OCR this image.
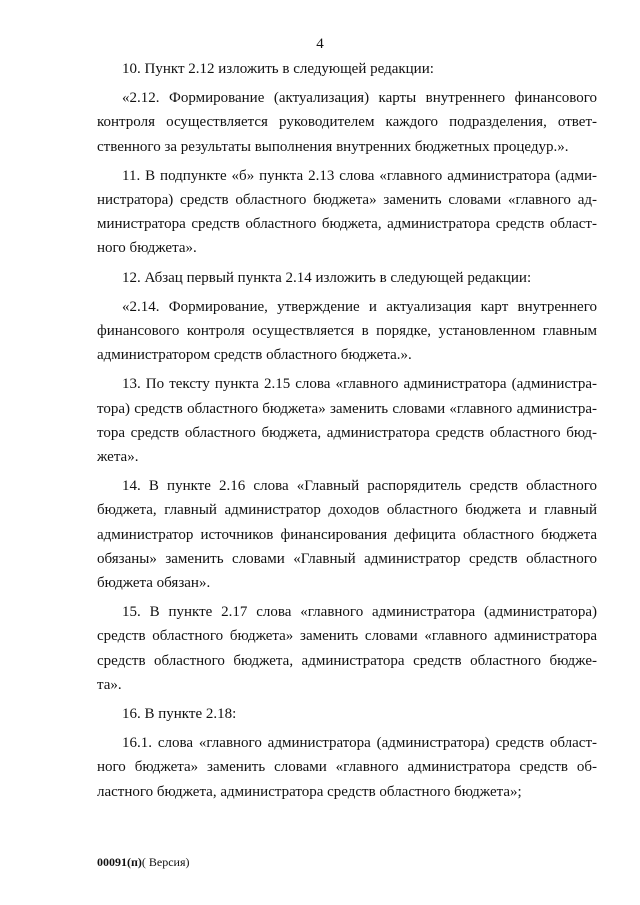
4
10. Пункт 2.12 изложить в следующей редакции:
«2.12. Формирование (актуализация) карты внутреннего финансового
контроля осуществляется руководителем каждого подразделения, ответ-
ственного за результаты выполнения внутренних бюджетных процедур.».
11. В подпункте «б» пункта 2.13 слова «главного администратора (адми-
нистратора) средств областного бюджета» заменить словами «главного ад-
министратора средств областного бюджета, администратора средств област-
ного бюджета».
12. Абзац первый пункта 2.14 изложить в следующей редакции:
«2.14. Формирование, утверждение и актуализация карт внутреннего
финансового контроля осуществляется в порядке, установленном главным
администратором средств областного бюджета.».
13. По тексту пункта 2.15 слова «главного администратора (администра-
тора) средств областного бюджета» заменить словами «главного администра-
тора средств областного бюджета, администратора средств областного бюд-
жета».
14. В пункте 2.16 слова «Главный распорядитель средств областного
бюджета, главный администратор доходов областного бюджета и главный
администратор источников финансирования дефицита областного бюджета
обязаны» заменить словами «Главный администратор средств областного
бюджета обязан».
15. В пункте 2.17 слова «главного администратора (администратора)
средств областного бюджета» заменить словами «главного администратора
средств областного бюджета, администратора средств областного бюдже-
та».
16. В пункте 2.18:
16.1. слова «главного администратора (администратора) средств област-
ного бюджета» заменить словами «главного администратора средств об-
ластного бюджета, администратора средств областного бюджета»;
00091(п)( Версия)
